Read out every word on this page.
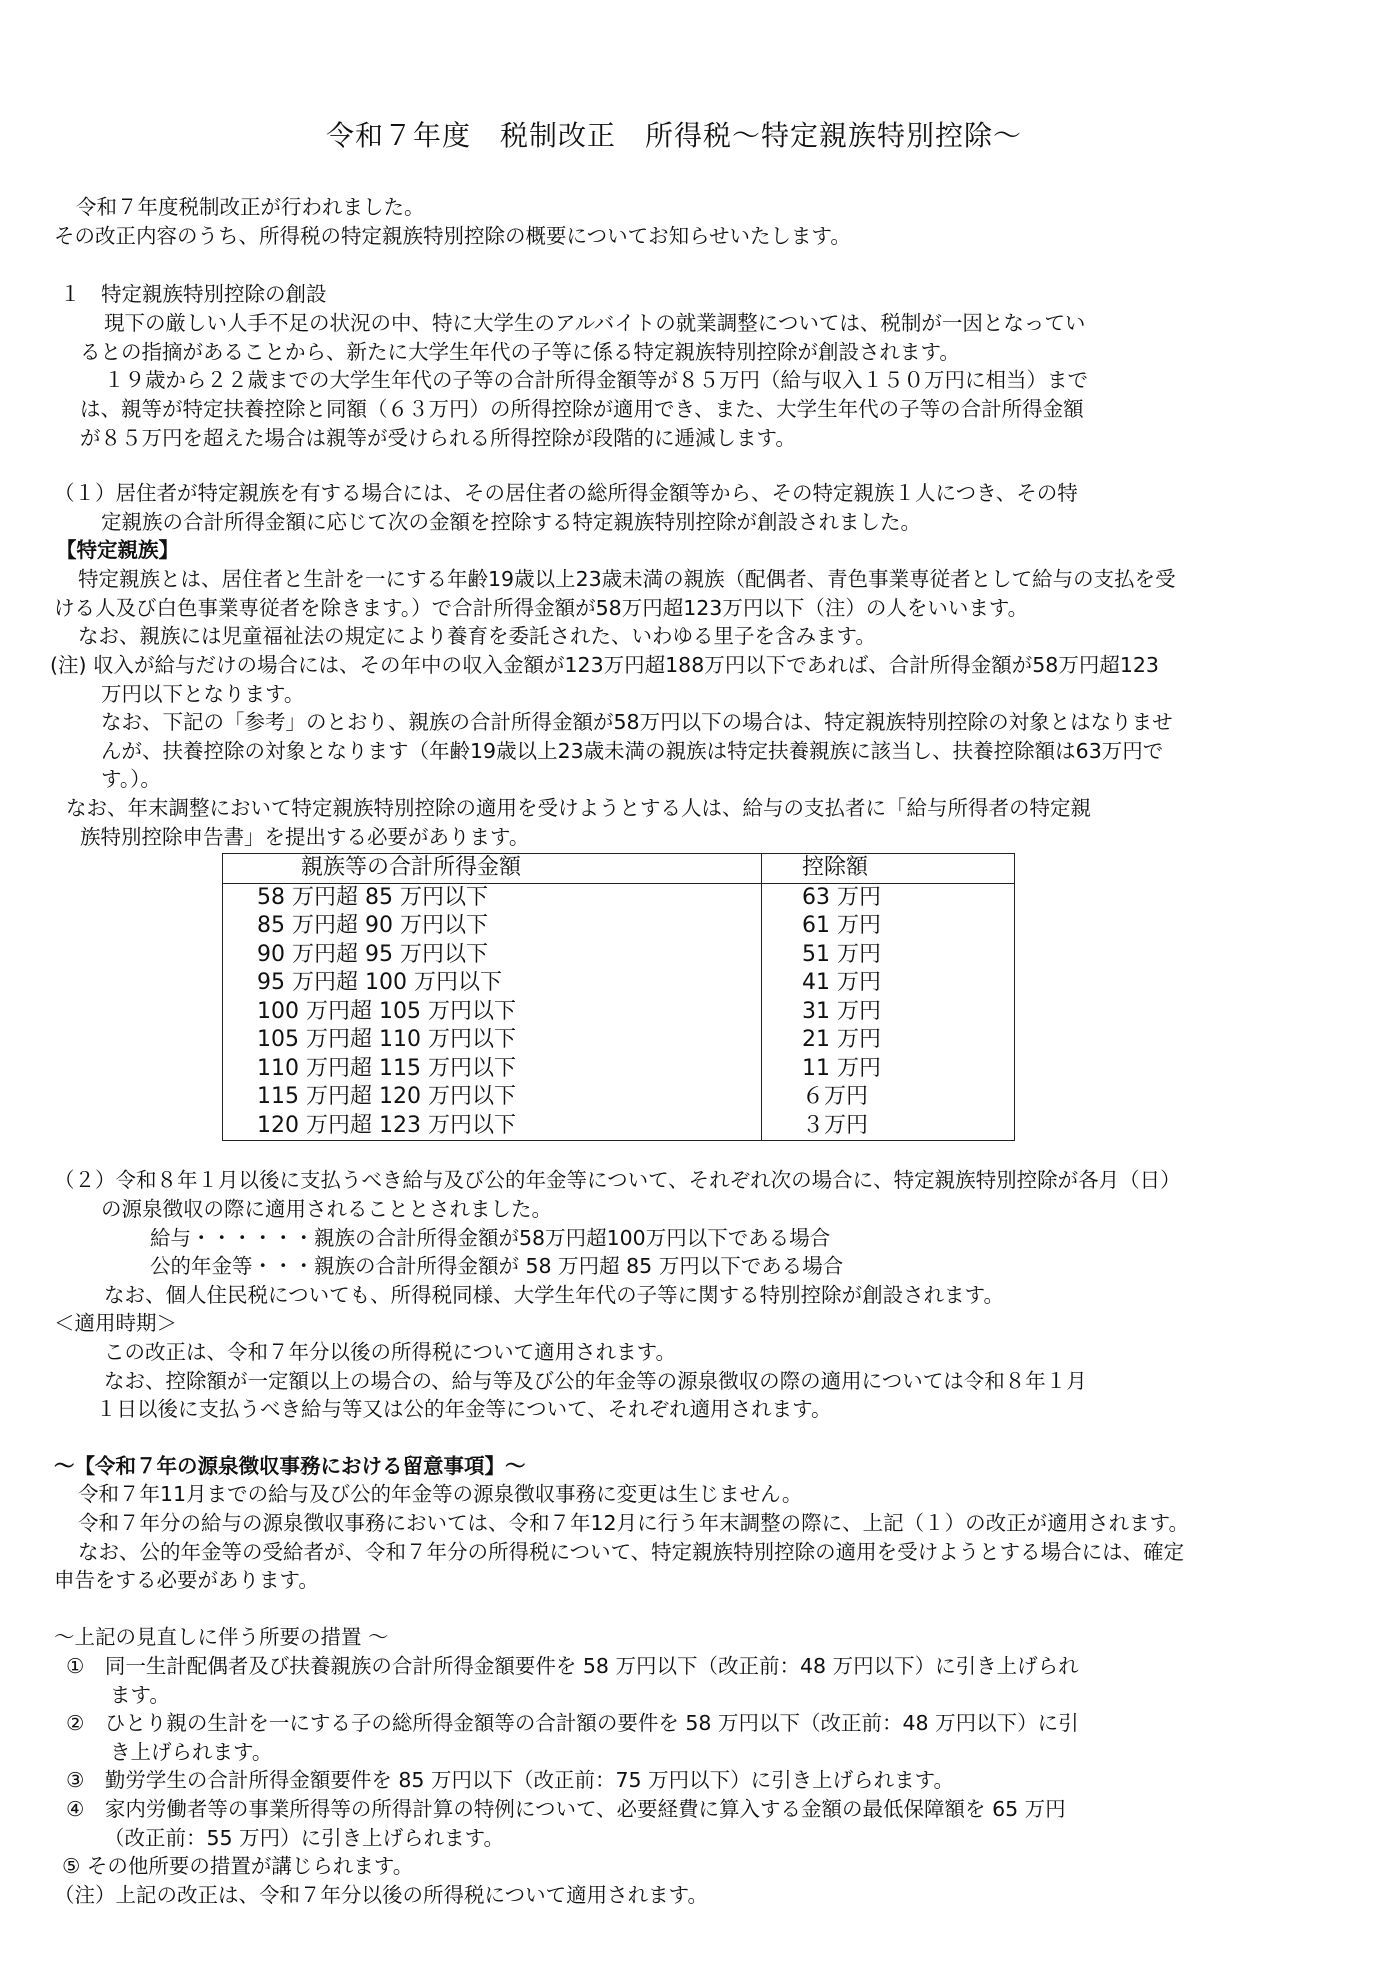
令和７年度　税制改正　所得税～特定親族特別控除～
令和７年度税制改正が行われました。
その改正内容のうち、所得税の特定親族特別控除の概要についてお知らせいたします。
１　特定親族特別控除の創設
現下の厳しい人手不足の状況の中、特に大学生のアルバイトの就業調整については、税制が一因となってい
るとの指摘があることから、新たに大学生年代の子等に係る特定親族特別控除が創設されます。
１９歳から２２歳までの大学生年代の子等の合計所得金額等が８５万円（給与収入１５０万円に相当）まで
は、親等が特定扶養控除と同額（６３万円）の所得控除が適用でき、また、大学生年代の子等の合計所得金額
が８５万円を超えた場合は親等が受けられる所得控除が段階的に逓減します。
（１）居住者が特定親族を有する場合には、その居住者の総所得金額等から、その特定親族１人につき、その特
定親族の合計所得金額に応じて次の金額を控除する特定親族特別控除が創設されました。
【特定親族】
特定親族とは、居住者と生計を一にする年齢19歳以上23歳未満の親族（配偶者、青色事業専従者として給与の支払を受
ける人及び白色事業専従者を除きます。）で合計所得金額が58万円超123万円以下（注）の人をいいます。
なお、親族には児童福祉法の規定により養育を委託された、いわゆる里子を含みます。
(注) 収入が給与だけの場合には、その年中の収入金額が123万円超188万円以下であれば、合計所得金額が58万円超123
万円以下となります。
なお、下記の「参考」のとおり、親族の合計所得金額が58万円以下の場合は、特定親族特別控除の対象とはなりませ
んが、扶養控除の対象となります（年齢19歳以上23歳未満の親族は特定扶養親族に該当し、扶養控除額は63万円で
す。）。
なお、年末調整において特定親族特別控除の適用を受けようとする人は、給与の支払者に「給与所得者の特定親
族特別控除申告書」を提出する必要があります。
親族等の合計所得金額	控除額
58 万円超 85 万円以下	63 万円
85 万円超 90 万円以下	61 万円
90 万円超 95 万円以下	51 万円
95 万円超 100 万円以下	41 万円
100 万円超 105 万円以下	31 万円
105 万円超 110 万円以下	21 万円
110 万円超 115 万円以下	11 万円
115 万円超 120 万円以下	６万円
120 万円超 123 万円以下	３万円
（２）令和８年１月以後に支払うべき給与及び公的年金等について、それぞれ次の場合に、特定親族特別控除が各月（日）
の源泉徴収の際に適用されることとされました。
給与・・・・・・親族の合計所得金額が58万円超100万円以下である場合
公的年金等・・・親族の合計所得金額が 58 万円超 85 万円以下である場合
なお、個人住民税についても、所得税同様、大学生年代の子等に関する特別控除が創設されます。
＜適用時期＞
この改正は、令和７年分以後の所得税について適用されます。
なお、控除額が一定額以上の場合の、給与等及び公的年金等の源泉徴収の際の適用については令和８年１月
１日以後に支払うべき給与等又は公的年金等について、それぞれ適用されます。
～【令和７年の源泉徴収事務における留意事項】～
令和７年11月までの給与及び公的年金等の源泉徴収事務に変更は生じません。
令和７年分の給与の源泉徴収事務においては、令和７年12月に行う年末調整の際に、上記（１）の改正が適用されます。
なお、公的年金等の受給者が、令和７年分の所得税について、特定親族特別控除の適用を受けようとする場合には、確定
申告をする必要があります。
～上記の見直しに伴う所要の措置 ～
①　同一生計配偶者及び扶養親族の合計所得金額要件を 58 万円以下（改正前：48 万円以下）に引き上げられ
ます。
②　ひとり親の生計を一にする子の総所得金額等の合計額の要件を 58 万円以下（改正前：48 万円以下）に引
き上げられます。
③　勤労学生の合計所得金額要件を 85 万円以下（改正前：75 万円以下）に引き上げられます。
④　家内労働者等の事業所得等の所得計算の特例について、必要経費に算入する金額の最低保障額を 65 万円
（改正前：55 万円）に引き上げられます。
⑤ その他所要の措置が講じられます。
（注）上記の改正は、令和７年分以後の所得税について適用されます。
